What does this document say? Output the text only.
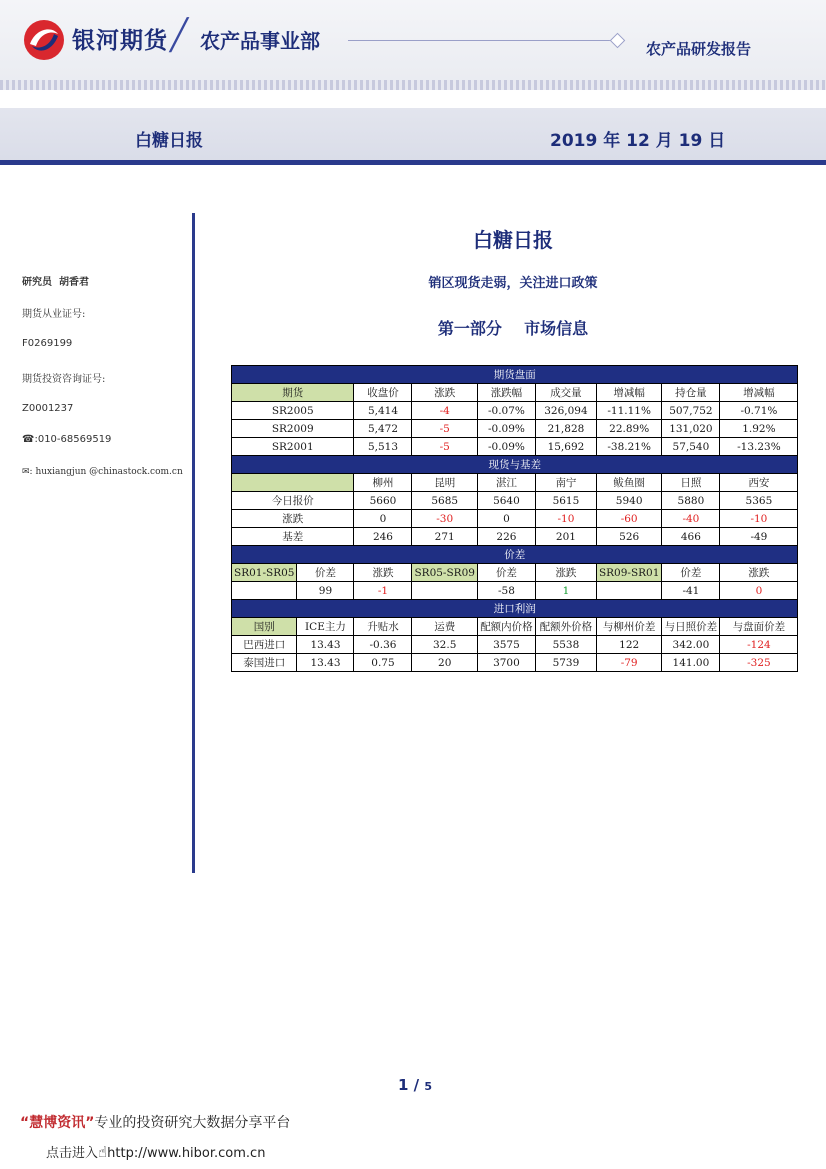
银河期货 ╱ 农产品事业部	农产品研发报告
白糖日报	2019 年 12 月 19 日
研究员 胡香君
期货从业证号:
F0269199
期货投资咨询证号:
Z0001237
☎:010-68569519
✉: huxiangjun @chinastock.com.cn
白糖日报
销区现货走弱，关注进口政策
第一部分    市场信息
期货盘面								
期货		收盘价	涨跌	涨跌幅	成交量	增减幅	持仓量	增减幅
SR2005		5,414	-4	-0.07%	326,094	-11.11%	507,752	-0.71%
SR2009		5,472	-5	-0.09%	21,828	22.89%	131,020	1.92%
SR2001		5,513	-5	-0.09%	15,692	-38.21%	57,540	-13.23%
现货与基差								
		柳州	昆明	湛江	南宁	鲅鱼圈	日照	西安
今日报价		5660	5685	5640	5615	5940	5880	5365
涨跌		0	-30	0	-10	-60	-40	-10
基差		246	271	226	201	526	466	-49
价差								
SR01-SR05	价差	涨跌	SR05-SR09	价差	涨跌	SR09-SR01	价差	涨跌
	99	-1		-58	1		-41	0
进口利润								
国别	ICE主力	升贴水	运费	配额内价格	配额外价格	与柳州价差	与日照价差	与盘面价差
巴西进口	13.43	-0.36	32.5	3575	5538	122	342.00	-124
泰国进口	13.43	0.75	20	3700	5739	-79	141.00	-325
1 / 5
“慧博资讯”专业的投资研究大数据分享平台
点击进入☝http://www.hibor.com.cn
